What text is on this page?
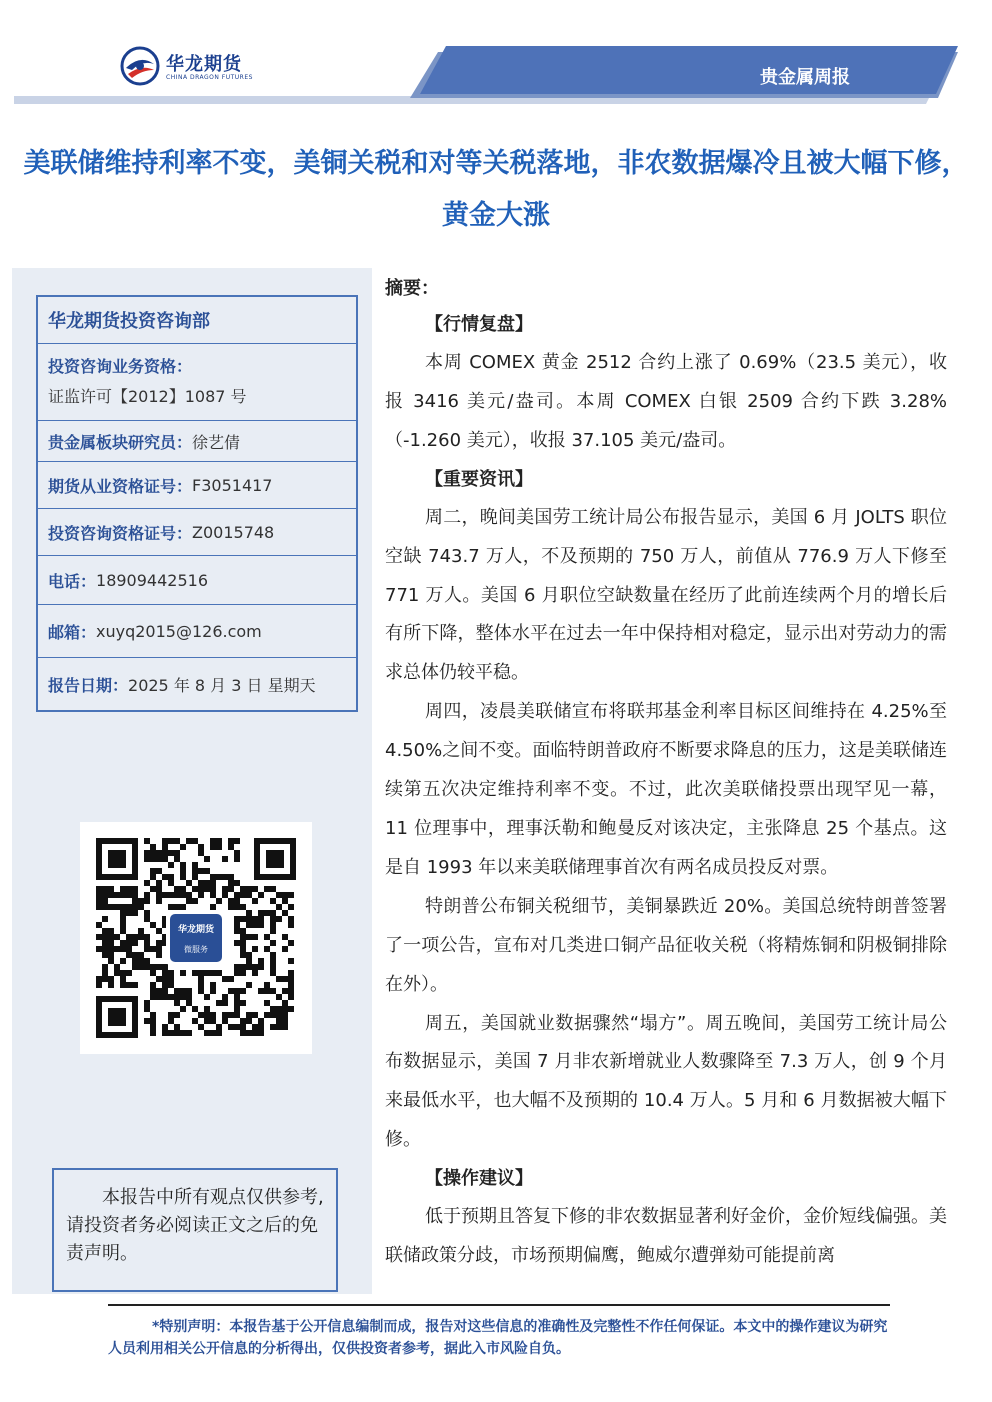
华龙期货
CHINA DRAGON FUTURES	贵金属周报
美联储维持利率不变，美铜关税和对等关税落地，非农数据爆冷且被大幅下修，黄金大涨
华龙期货投资咨询部
投资咨询业务资格：
证监许可【2012】1087 号
贵金属板块研究员： 徐艺倩
期货从业资格证号： F3051417
投资咨询资格证号： Z0015748
电话： 18909442516
邮箱： xuyq2015@126.com
报告日期： 2025 年 8 月 3 日 星期天
华龙期货
微服务
本报告中所有观点仅供参考,请投资者务必阅读正文之后的免责声明。

摘要：

【行情复盘】

本周 COMEX 黄金 2512 合约上涨了 0.69%（23.5 美元），收报 3416 美元/盎司。本周 COMEX 白银 2509 合约下跌 3.28%（-1.260 美元），收报 37.105 美元/盎司。

【重要资讯】

周二，晚间美国劳工统计局公布报告显示，美国 6 月 JOLTS 职位空缺 743.7 万人，不及预期的 750 万人，前值从 776.9 万人下修至 771 万人。美国 6 月职位空缺数量在经历了此前连续两个月的增长后有所下降，整体水平在过去一年中保持相对稳定，显示出对劳动力的需求总体仍较平稳。

周四，凌晨美联储宣布将联邦基金利率目标区间维持在 4.25%至 4.50%之间不变。面临特朗普政府不断要求降息的压力，这是美联储连续第五次决定维持利率不变。不过，此次美联储投票出现罕见一幕，11 位理事中，理事沃勒和鲍曼反对该决定，主张降息 25 个基点。这是自 1993 年以来美联储理事首次有两名成员投反对票。

特朗普公布铜关税细节，美铜暴跌近 20%。美国总统特朗普签署了一项公告，宣布对几类进口铜产品征收关税（将精炼铜和阴极铜排除在外）。

周五，美国就业数据骤然“塌方”。周五晚间，美国劳工统计局公布数据显示，美国 7 月非农新增就业人数骤降至 7.3 万人，创 9 个月来最低水平，也大幅不及预期的 10.4 万人。5 月和 6 月数据被大幅下修。

【操作建议】

低于预期且答复下修的非农数据显著利好金价，金价短线偏强。美联储政策分歧，市场预期偏鹰，鲍威尔遭弹劾可能提前离

*特别声明：本报告基于公开信息编制而成，报告对这些信息的准确性及完整性不作任何保证。本文中的操作建议为研究人员利用相关公开信息的分析得出，仅供投资者参考，据此入市风险自负。
